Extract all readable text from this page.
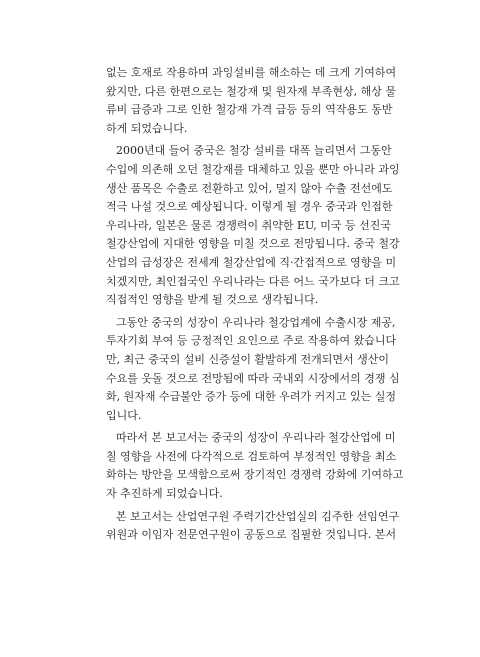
없는 호재로 작용하며 과잉설비를 해소하는 데 크게 기여하여
왔지만, 다른 한편으로는 철강재 및 원자재 부족현상, 해상 물
류비 급증과 그로 인한 철강재 가격 급등 등의 역작용도 동반
하게 되었습니다.
2000년대 들어 중국은 철강 설비를 대폭 늘리면서 그동안
수입에 의존해 오던 철강재를 대체하고 있을 뿐만 아니라 과잉
생산 품목은 수출로 전환하고 있어, 멀지 않아 수출 전선에도
적극 나설 것으로 예상됩니다. 이렇게 될 경우 중국과 인접한
우리나라, 일본은 물론 경쟁력이 취약한 EU, 미국 등 선진국
철강산업에 지대한 영향을 미칠 것으로 전망됩니다. 중국 철강
산업의 급성장은 전세계 철강산업에 직·간접적으로 영향을 미
치겠지만, 최인접국인 우리나라는 다른 어느 국가보다 더 크고
직접적인 영향을 받게 될 것으로 생각됩니다.
그동안 중국의 성장이 우리나라 철강업계에 수출시장 제공,
투자기회 부여 등 긍정적인 요인으로 주로 작용하여 왔습니다
만, 최근 중국의 설비 신증설이 활발하게 전개되면서 생산이
수요를 웃돌 것으로 전망됨에 따라 국내외 시장에서의 경쟁 심
화, 원자재 수급불안 증가 등에 대한 우려가 커지고 있는 실정
입니다.
따라서 본 보고서는 중국의 성장이 우리나라 철강산업에 미
칠 영향을 사전에 다각적으로 검토하여 부정적인 영향을 최소
화하는 방안을 모색함으로써 장기적인 경쟁력 강화에 기여하고
자 추진하게 되었습니다.
본 보고서는 산업연구원 주력기간산업실의 김주한 선임연구
위원과 이임자 전문연구원이 공동으로 집필한 것입니다. 본서
